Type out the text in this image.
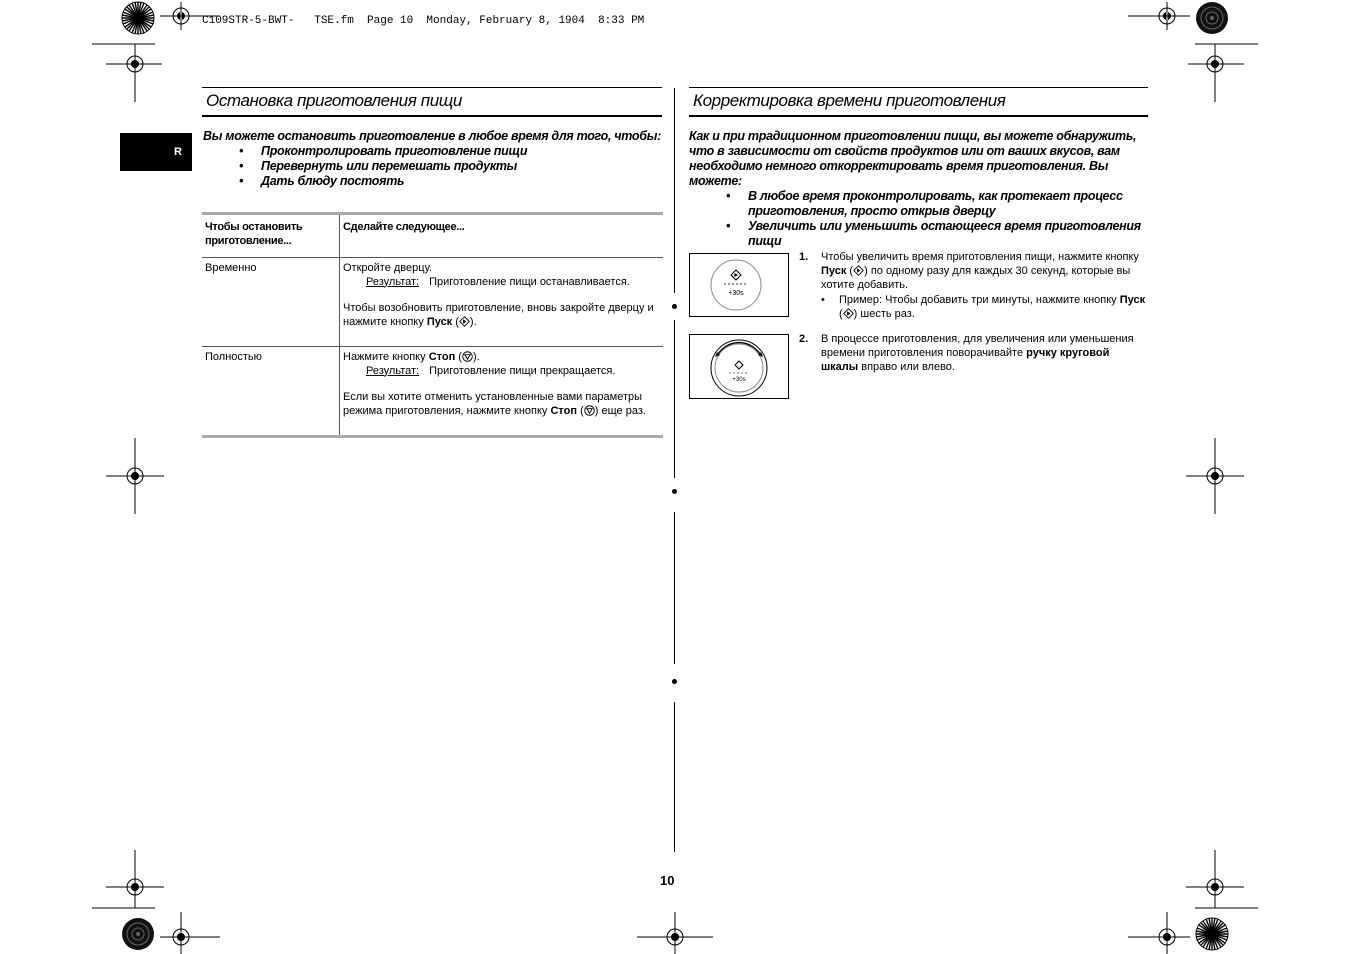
C109STR-5-BWT-   TSE.fm  Page 10  Monday, February 8, 1904  8:33 PM
R
Остановка приготовления пищи
Вы можете остановить приготовление в любое время для того, чтобы:
• Проконтролировать приготовление пищи
• Перевернуть или перемешать продукты
• Дать блюду постоять
Чтобы остановить приготовление...	Сделайте следующее...
Временно	Откройте дверцу.
Результат: Приготовление пищи останавливается.
Чтобы возобновить приготовление, вновь закройте дверцу и нажмите кнопку Пуск ( ).

Полностью	Нажмите кнопку Стоп ( ).
Результат: Приготовление пищи прекращается.
Если вы хотите отменить установленные вами параметры режима приготовления, нажмите кнопку Стоп ( ) еще раз.
Корректировка времени приготовления
Как и при традиционном приготовлении пищи, вы можете обнаружить, что в зависимости от свойств продуктов или от ваших вкусов, вам необходимо немного откорректировать время приготовления. Вы можете:
• В любое время проконтролировать, как протекает процесс приготовления, просто открыв дверцу
• Увеличить или уменьшить остающееся время приготовления пищи
+30s
+30s
1. Чтобы увеличить время приготовления пищи, нажмите кнопку Пуск ( ) по одному разу для каждых 30 секунд, которые вы хотите добавить.
• Пример: Чтобы добавить три минуты, нажмите кнопку Пуск ( ) шесть раз.
2. В процессе приготовления, для увеличения или уменьшения времени приготовления поворачивайте ручку круговой шкалы вправо или влево.
10
